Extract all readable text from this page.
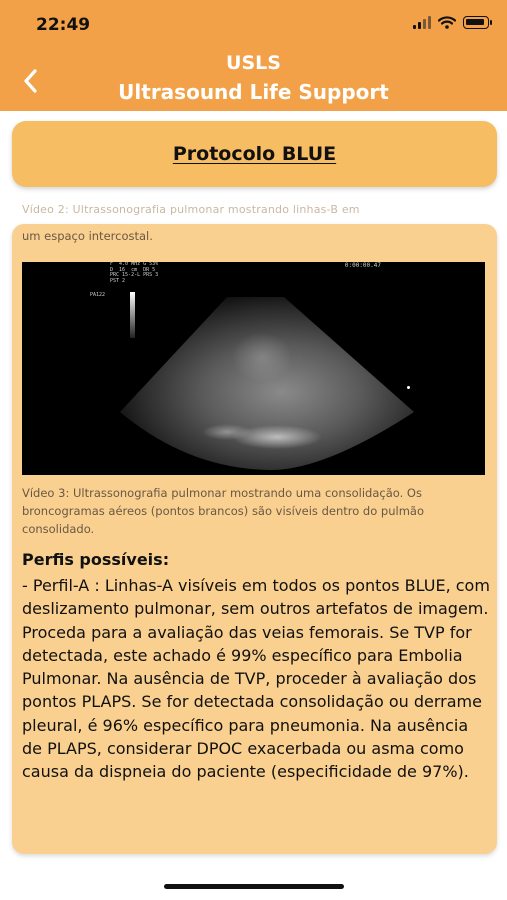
22:49
USLS
Ultrasound Life Support
Protocolo BLUE
Vídeo 2: Ultrassonografia pulmonar mostrando linhas-B em
um espaço intercostal.
F  4.0 MHz G 53%
D  16  cm  DR 5
PRC 15-2-L PRS 3
PST 2
0:00:00.47
PA122
Vídeo 3: Ultrassonografia pulmonar mostrando uma consolidação. Os broncogramas aéreos (pontos brancos) são visíveis dentro do pulmão consolidado.
Perfis possíveis:
- Perfil-A : Linhas-A visíveis em todos os pontos BLUE, com deslizamento pulmonar, sem outros artefatos de imagem. Proceda para a avaliação das veias femorais. Se TVP for detectada, este achado é 99% específico para Embolia Pulmonar. Na ausência de TVP, proceder à avaliação dos pontos PLAPS. Se for detectada consolidação ou derrame pleural, é 96% específico para pneumonia. Na ausência de PLAPS, considerar DPOC exacerbada ou asma como causa da dispneia do paciente (especificidade de 97%).
